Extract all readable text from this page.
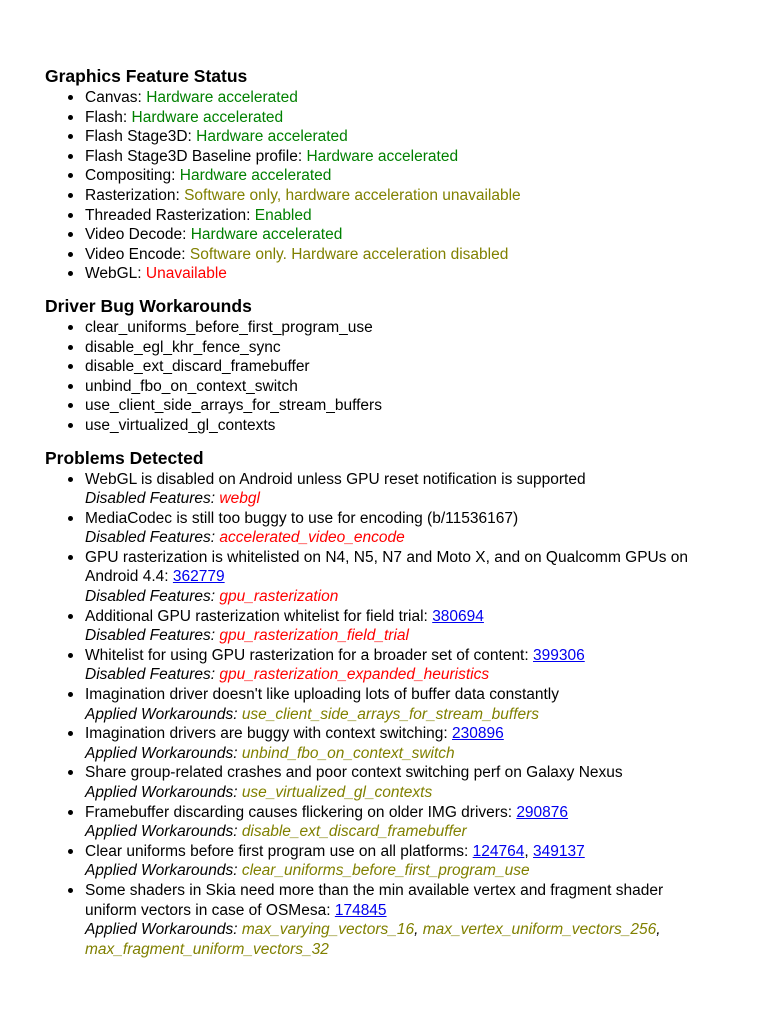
Graphics Feature Status
Canvas: Hardware accelerated
Flash: Hardware accelerated
Flash Stage3D: Hardware accelerated
Flash Stage3D Baseline profile: Hardware accelerated
Compositing: Hardware accelerated
Rasterization: Software only, hardware acceleration unavailable
Threaded Rasterization: Enabled
Video Decode: Hardware accelerated
Video Encode: Software only. Hardware acceleration disabled
WebGL: Unavailable
Driver Bug Workarounds
clear_uniforms_before_first_program_use
disable_egl_khr_fence_sync
disable_ext_discard_framebuffer
unbind_fbo_on_context_switch
use_client_side_arrays_for_stream_buffers
use_virtualized_gl_contexts
Problems Detected
WebGL is disabled on Android unless GPU reset notification is supported
Disabled Features: webgl
MediaCodec is still too buggy to use for encoding (b/11536167)
Disabled Features: accelerated_video_encode
GPU rasterization is whitelisted on N4, N5, N7 and Moto X, and on Qualcomm GPUs on Android 4.4: 362779
Disabled Features: gpu_rasterization
Additional GPU rasterization whitelist for field trial: 380694
Disabled Features: gpu_rasterization_field_trial
Whitelist for using GPU rasterization for a broader set of content: 399306
Disabled Features: gpu_rasterization_expanded_heuristics
Imagination driver doesn't like uploading lots of buffer data constantly
Applied Workarounds: use_client_side_arrays_for_stream_buffers
Imagination drivers are buggy with context switching: 230896
Applied Workarounds: unbind_fbo_on_context_switch
Share group-related crashes and poor context switching perf on Galaxy Nexus
Applied Workarounds: use_virtualized_gl_contexts
Framebuffer discarding causes flickering on older IMG drivers: 290876
Applied Workarounds: disable_ext_discard_framebuffer
Clear uniforms before first program use on all platforms: 124764, 349137
Applied Workarounds: clear_uniforms_before_first_program_use
Some shaders in Skia need more than the min available vertex and fragment shader uniform vectors in case of OSMesa: 174845
Applied Workarounds: max_varying_vectors_16, max_vertex_uniform_vectors_256, max_fragment_uniform_vectors_32
